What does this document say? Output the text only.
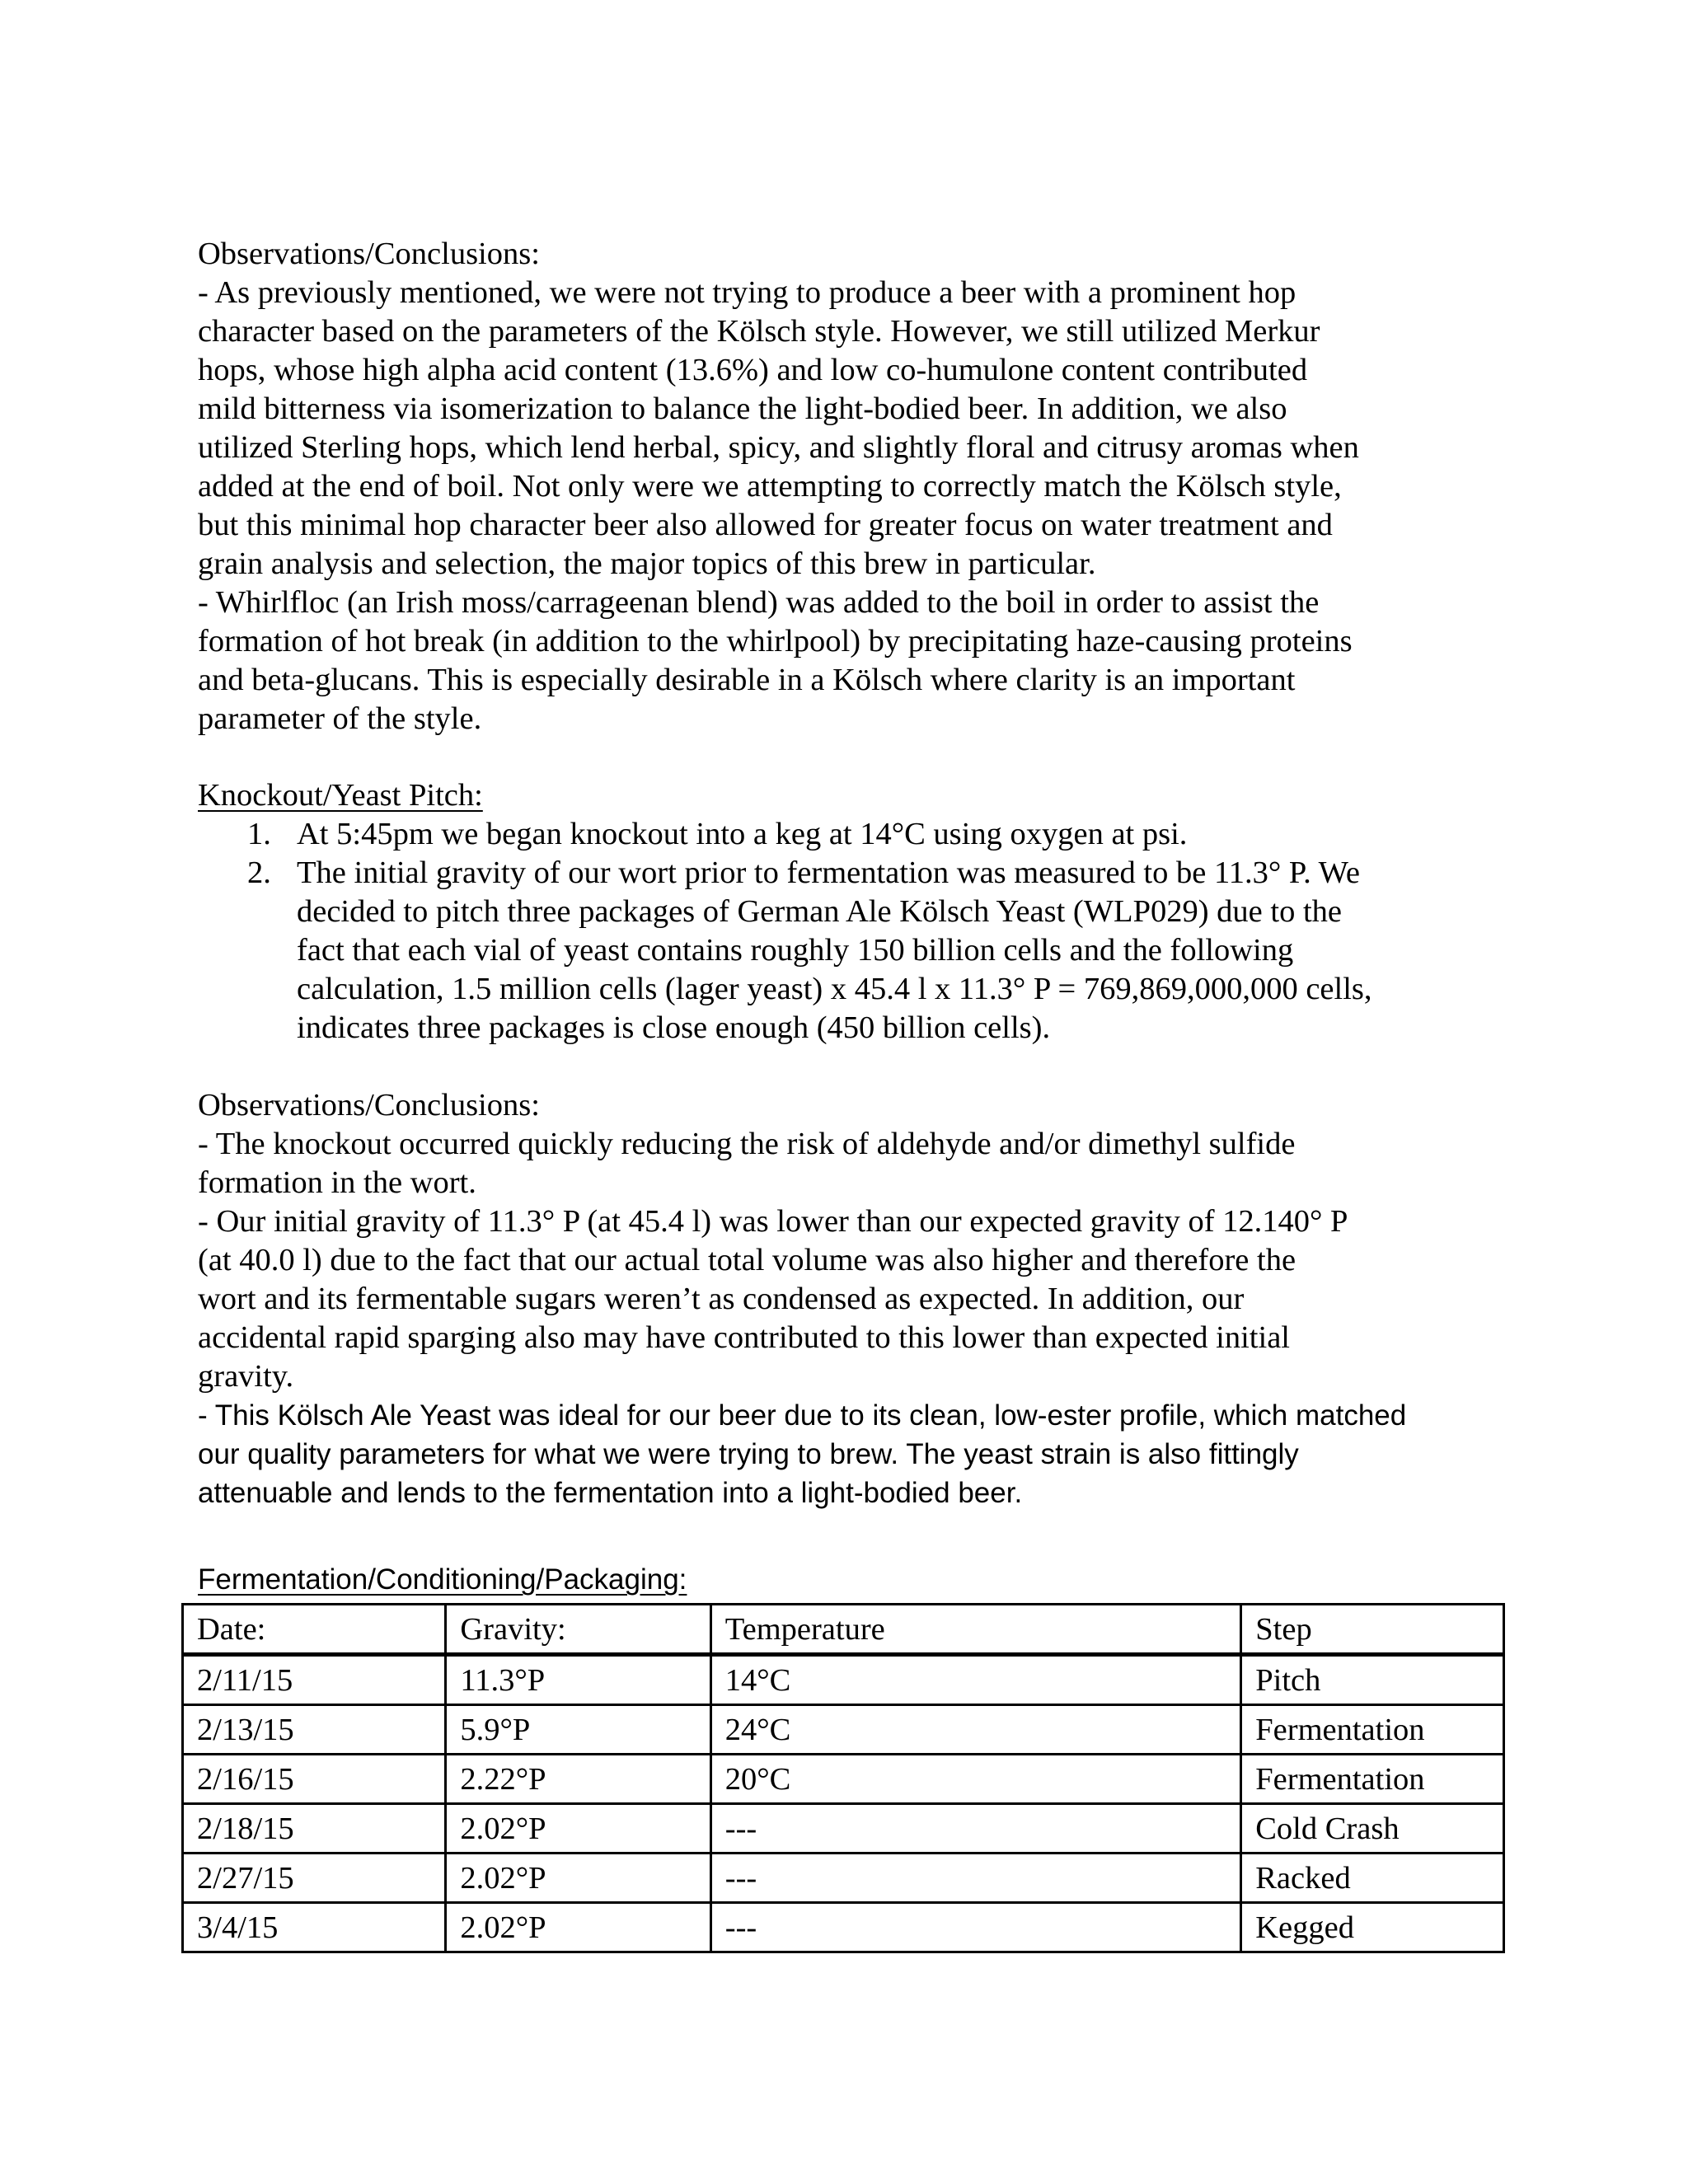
Observations/Conclusions:
- As previously mentioned, we were not trying to produce a beer with a prominent hop
character based on the parameters of the Kölsch style. However, we still utilized Merkur
hops, whose high alpha acid content (13.6%) and low co-humulone content contributed
mild bitterness via isomerization to balance the light-bodied beer. In addition, we also
utilized Sterling hops, which lend herbal, spicy, and slightly floral and citrusy aromas when
added at the end of boil. Not only were we attempting to correctly match the Kölsch style,
but this minimal hop character beer also allowed for greater focus on water treatment and
grain analysis and selection, the major topics of this brew in particular.
- Whirlfloc (an Irish moss/carrageenan blend) was added to the boil in order to assist the
formation of hot break (in addition to the whirlpool) by precipitating haze-causing proteins
and beta-glucans. This is especially desirable in a Kölsch where clarity is an important
parameter of the style.
Knockout/Yeast Pitch:
1. At 5:45pm we began knockout into a keg at 14°C using oxygen at psi.
2. The initial gravity of our wort prior to fermentation was measured to be 11.3° P. We
decided to pitch three packages of German Ale Kölsch Yeast (WLP029) due to the
fact that each vial of yeast contains roughly 150 billion cells and the following
calculation, 1.5 million cells (lager yeast) x 45.4 l x 11.3° P = 769,869,000,000 cells,
indicates three packages is close enough (450 billion cells).
Observations/Conclusions:
- The knockout occurred quickly reducing the risk of aldehyde and/or dimethyl sulfide
formation in the wort.
- Our initial gravity of 11.3° P (at 45.4 l) was lower than our expected gravity of 12.140° P
(at 40.0 l) due to the fact that our actual total volume was also higher and therefore the
wort and its fermentable sugars weren’t as condensed as expected. In addition, our
accidental rapid sparging also may have contributed to this lower than expected initial
gravity.
- This Kölsch Ale Yeast was ideal for our beer due to its clean, low-ester profile, which matched
our quality parameters for what we were trying to brew. The yeast strain is also fittingly
attenuable and lends to the fermentation into a light-bodied beer.
Fermentation/Conditioning/Packaging:
Date:	Gravity:	Temperature	Step
2/11/15	11.3°P	14°C	Pitch
2/13/15	5.9°P	24°C	Fermentation
2/16/15	2.22°P	20°C	Fermentation
2/18/15	2.02°P	---	Cold Crash
2/27/15	2.02°P	---	Racked
3/4/15	2.02°P	---	Kegged
